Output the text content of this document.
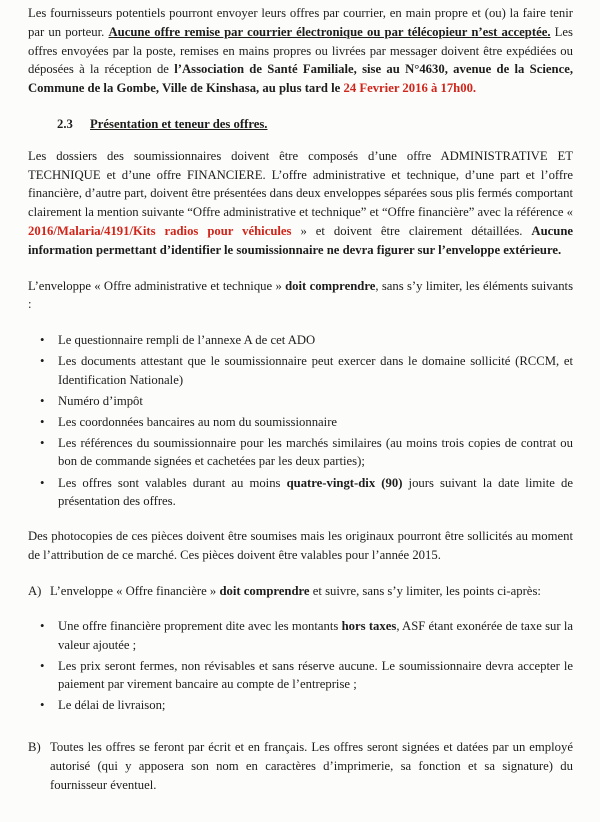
Les fournisseurs potentiels pourront envoyer leurs offres par courrier, en main propre et (ou) la faire tenir par un porteur. Aucune offre remise par courrier électronique ou par télécopieur n’est acceptée. Les offres envoyées par la poste, remises en mains propres ou livrées par messager doivent être expédiées ou déposées à la réception de l’Association de Santé Familiale, sise au N°4630, avenue de la Science, Commune de la Gombe, Ville de Kinshasa, au plus tard le 24 Fevrier 2016 à 17h00.

2.3 Présentation et teneur des offres.

Les dossiers des soumissionnaires doivent être composés d’une offre ADMINISTRATIVE ET TECHNIQUE et d’une offre FINANCIERE. L’offre administrative et technique, d’une part et l’offre financière, d’autre part, doivent être présentées dans deux enveloppes séparées sous plis fermés comportant clairement la mention suivante “Offre administrative et technique” et “Offre financière” avec la référence « 2016/Malaria/4191/Kits radios pour véhicules » et doivent être clairement détaillées. Aucune information permettant d’identifier le soumissionnaire ne devra figurer sur l’enveloppe extérieure.

L’enveloppe « Offre administrative et technique » doit comprendre, sans s’y limiter, les éléments suivants :

• Le questionnaire rempli de l’annexe A de cet ADO
• Les documents attestant que le soumissionnaire peut exercer dans le domaine sollicité (RCCM, et Identification Nationale)
• Numéro d’impôt
• Les coordonnées bancaires au nom du soumissionnaire
• Les références du soumissionnaire pour les marchés similaires (au moins trois copies de contrat ou bon de commande signées et cachetées par les deux parties);
• Les offres sont valables durant au moins quatre-vingt-dix (90) jours suivant la date limite de présentation des offres.

Des photocopies de ces pièces doivent être soumises mais les originaux pourront être sollicités au moment de l’attribution de ce marché. Ces pièces doivent être valables pour l’année 2015.

A) L’enveloppe « Offre financière » doit comprendre et suivre, sans s’y limiter, les points ci-après:
• Une offre financière proprement dite avec les montants hors taxes, ASF étant exonérée de taxe sur la valeur ajoutée ;
• Les prix seront fermes, non révisables et sans réserve aucune. Le soumissionnaire devra accepter le paiement par virement bancaire au compte de l’entreprise ;
• Le délai de livraison;
B) Toutes les offres se feront par écrit et en français. Les offres seront signées et datées par un employé autorisé (qui y apposera son nom en caractères d’imprimerie, sa fonction et sa signature) du fournisseur éventuel.
